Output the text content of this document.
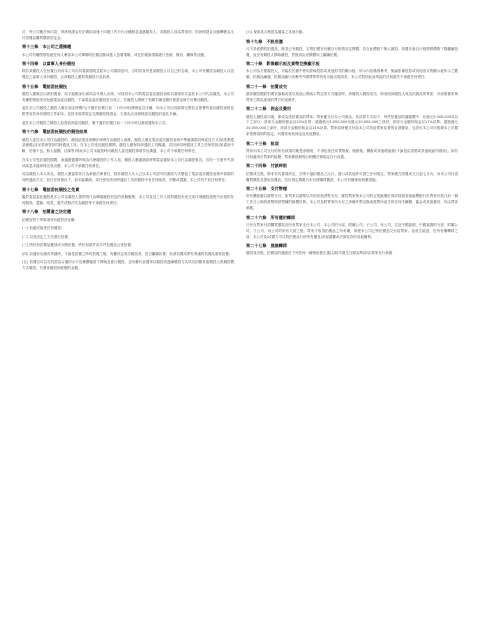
司，每公司應任何次款，則該保證金在拍賣結束後十四個工作日內全額無息退還競投人；若競投人成為買家的，則該保證金自動轉變為支付拍賣品購買價款的定金。
第十三條　本公司之選擇權
本公司有權酌情拒絕任何人參加本公司舉辦的拍賣活動或進入拍賣現場，或在拍賣會現場進行拍照、錄音、攝像等活動。
第十四條　以當事人身份競投
除非某競投人在拍賣日前向本公司出具書面證明並經本公司書面認可，否則其身份是某競投人以自己的名義，本公司有權認為競投人以拍賣品之當事人身份競投，且該競投人應對其競投行為負責。
第十五條　電話委託競投
競投人應親自出席拍賣會，如不能親身出席或由代理人出席，可採用本公司的電話委託競投表格以書面形式委託本公司代為競投。本公司有權酌情接受或拒絕電話委託競投，不論電話委託競投是否成立，在競投人辦理了有關手續並繳付保證金後方可參加競投。
委託本公司競投之競投人應在規定時間內(不遲於拍賣日前二十四小時)辦理委託手續，向本公司出具填寫完整並且簽署的委託競投表格並附寄有效身份證明文件副本，並按本規則規定交納競投保證金，方視為完成辦理委託競投的委託手續。
委託本公司競投之競投人如需取消委託競投，應不遲於拍賣日前二十四小時以書面通知本公司。
第十六條　電話委託競投的競投結果
競投人委託本公司代為競投的，競投結果及相關法律責任由競投人承擔。競投人應在電話委託競投表格中準確填寫同時委託方式(如洗劑電話號碼)並妥善保管該同時通訊工具。在本公司受託競投期間，競投人應保持該通訊工具暢通。若因該同時通訊工具之任何原因(如通訊中斷、信號不良、無人接聽、佔線等)導致本公司未能按時向競投人委託競投事項作出溝通，本公司不承擔任何責任。
在本公司受託競投期間，會議撥通要時與為代理競投的工作人員，競投人應通過同時與電話通知本公司代為競投事宜。若因一方意外失誤或疏忽未能即時完成出價，本公司不承擔任何責任。
同為競投人本人所為，競投人應當對其行為承擔法律責任，除非競投人本人已以本公司認可的書面方式變更了電話委託競投表格中填寫的同時通訊方式，但在任何情況下，如未能聯絡，或任使用該同時通訊工具的競投中有任何疏誤，中斷或遺漏，本公司均不負任何責任。
第十七條　電話委託競投之免責
鑑於電話委託競投是本公司為競投人提供的代為傳遞競投信息的免費服務，本公司及其工作人員對競投未成交或代理競投過程中出現的任何錯誤、遺漏、疏忽、過失或無法代為競投等不承擔任何責任。
第十八條　拍賣資之決定權
拍賣官對下列事項具有絕對決定權：
(一) 拒絕或接受任何競投；
(二) 以其決定之方式進行拍賣；
(三) 將任何拍賣品撤回或分開拍賣，將任何兩件或多件拍賣品合併拍賣；
(四) 如遇有出錯或爭議時，不論是拍賣之時或拍賣之後，有權決定成功競投者、是否繼續拍賣、取消拍賣或將有爭議的拍賣品重新拍賣；
(五) 拍賣官可以在其認為合適的水平及操價幅度下開始及進行競投，並有權代表賣家以競投或連續競投方式或以回應其他競投人的競投價方式競投，代賣家競投到底價的金額。
(六) 採取其合理認為適當之其他行動。
第十九條　不設底價
凡不設底價的拍賣品，除非已有競投，否則拍賣官有權自行酌情決定開價，若在此價格下無人競投，拍賣官會自行酌情將價格下降繼續拍賣，直至有競投人開始競投，然後再由這開價向上繼續拍賣。
第二十條　影像顯示板及貨幣兌換顯示板
本公司為方便競投人，可能於拍賣中使用影像投影或其他形式的顯示板，所示內容僅供參考，無論影像投影或其他形式的顯示板所示之數額、拍賣品編號、拍賣品圖片或參考外國貨幣等均有可能出現誤差，本公司對因此而導致的任何損失不承擔任何責任。
第二十一條　拍賣成交
最高競投價經拍賣官落槌或者以其他公開表示買定的方式確認時，該競投人競投成功，即表明該競投人成為拍賣品的買家，亦表明賣家與買家之間為達成的買方約束條件。
第二十二條　佣金及費用
競投人競投成功後，即成為該拍賣品的買家。買家應支付本公司佣金，其計算方式如下：每件拍賣品的落槌價中：在港元5,000,000或以下之部分，該部分金額的佣金以20%計算；超過港元5,000,000至港元20,000,000之部份，該部分金額的佣金以17%計算；超過港元20,000,000之部份，該部分金額的佣金以14%計算。買家同時應支付給本公司其他買家負責的各項費用，且認可本公司可根據本公司賣家業務規則的規定，向賣家收取佣金及其他費用。
第二十三條　稅項
買家向本公司支付的所有款項均應是淨額的，不得包括任何貨物稅、服務稅、關稅或其他增值稅(不論是由香港或其他地區所徵收)。如有任何適用於買家的稅費，買家應根據現行相關法律規定自行負擔。
第二十四條　付款時限
拍賣成交後，除非另有書面約定，否則不論拍賣品之出口、進口或其他許可證之任何規定，買家應在拍賣成交日起七日內，向本公司付清購買價款並提取拍賣品，若於規定期限內未付清購買價款，本公司有權採取相應措施。
第二十五條　支付幣種
所有購款應以港幣支付。如買家以港幣以外的其他貨幣支付，應按買家與本公司約定的匯價計算或按照香港滙豐銀行於買家付款日前一個工作日公佈的港幣與該幣種的匯價折算。本公司為將買家所支付之該種外幣兌換成港幣所產生的任何手續費、傭金或其他費用，均由買家承擔。
第二十六條　所有權的轉移
只有在買家付清購買價款及所有買家支付本公司、本公司的分部、附屬公司、子公司、母公司、以及中國嘉德、中國嘉德的分部、附屬公司、子公司、母公司的所有欠款之後，買家才取得拍賣品之所有權，即使本公司已將拍賣品交付給買家。為免生疑惑，在所有權轉移之前，本公司及/或賣方可以對拍賣品行使所有權及/或留置權或法律容許的其他權利。
第二十七條　風險轉移
競投成功後，拍賣品的風險於下列任何一種情形發生後(以較早發生日期為準)即由買家自行承擔：
